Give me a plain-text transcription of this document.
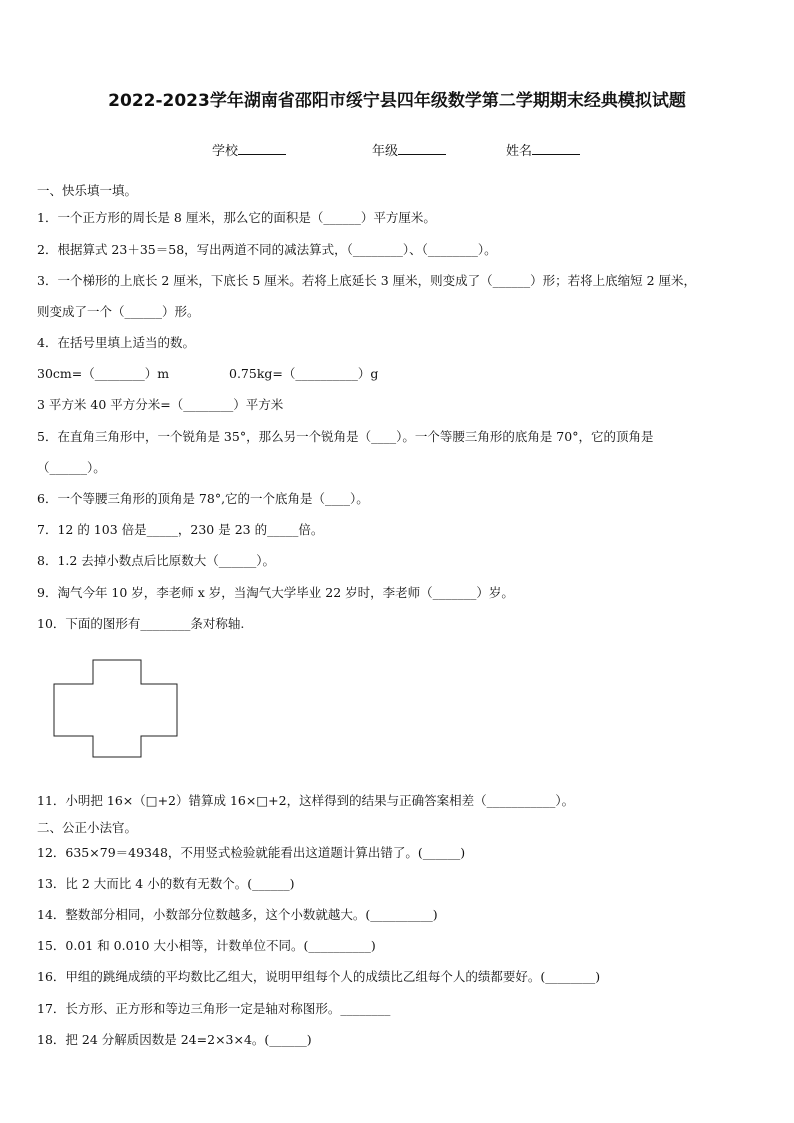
2022-2023学年湖南省邵阳市绥宁县四年级数学第二学期期末经典模拟试题
学校	年级	姓名
一、快乐填一填。
1．一个正方形的周长是 8 厘米，那么它的面积是（______）平方厘米。
2．根据算式 23＋35＝58，写出两道不同的减法算式，（________）、（________）。
3．一个梯形的上底长 2 厘米，下底长 5 厘米。若将上底延长 3 厘米，则变成了（______）形；若将上底缩短 2 厘米，
则变成了一个（______）形。
4．在括号里填上适当的数。
30cm=（________）m	0.75kg=（__________）g
3 平方米 40 平方分米=（________）平方米
5．在直角三角形中，一个锐角是 35°，那么另一个锐角是（____）。一个等腰三角形的底角是 70°，它的顶角是
（______）。
6．一个等腰三角形的顶角是 78°,它的一个底角是（____）。
7．12 的 103 倍是_____，230 是 23 的_____倍。
8．1.2 去掉小数点后比原数大（______）。
9．淘气今年 10 岁，李老师 x 岁，当淘气大学毕业 22 岁时，李老师（_______）岁。
10．下面的图形有________条对称轴.
11．小明把 16×（□+2）错算成 16×□+2，这样得到的结果与正确答案相差（___________）。
二、公正小法官。
12．635×79＝49348，不用竖式检验就能看出这道题计算出错了。(______)
13．比 2 大而比 4 小的数有无数个。(______)
14．整数部分相同，小数部分位数越多，这个小数就越大。(__________)
15．0.01 和 0.010 大小相等，计数单位不同。(__________)
16．甲组的跳绳成绩的平均数比乙组大，说明甲组每个人的成绩比乙组每个人的绩都要好。(________)
17．长方形、正方形和等边三角形一定是轴对称图形。________
18．把 24 分解质因数是 24=2×3×4。(______)
